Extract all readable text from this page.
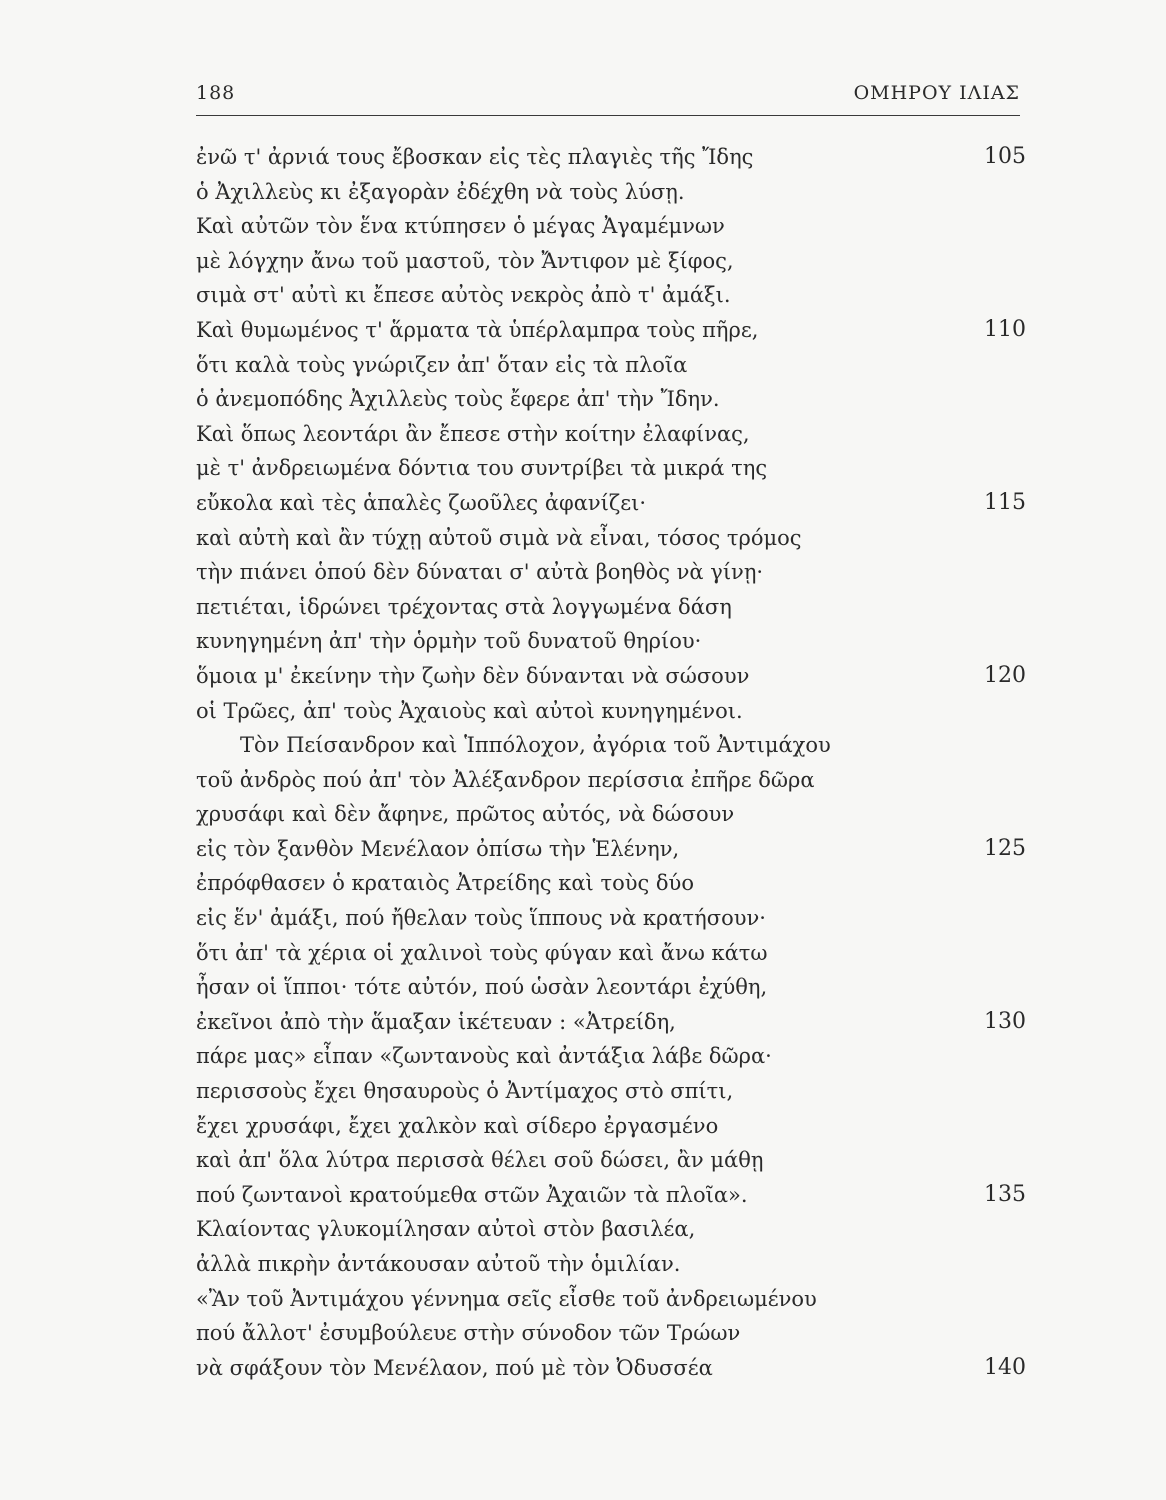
188	ΟΜΗΡΟΥ ΙΛΙΑΣ
ἐνῶ τ' ἀρνιά τους ἔβοσκαν εἰς τὲς πλαγιὲς τῆς Ἴδης	105
ὁ Ἀχιλλεὺς κι ἐξαγορὰν ἐδέχθη νὰ τοὺς λύσῃ.
Καὶ αὐτῶν τὸν ἕνα κτύπησεν ὁ μέγας Ἀγαμέμνων
μὲ λόγχην ἄνω τοῦ μαστοῦ, τὸν Ἄντιφον μὲ ξίφος,
σιμὰ στ' αὐτὶ κι ἔπεσε αὐτὸς νεκρὸς ἀπὸ τ' ἀμάξι.
Καὶ θυμωμένος τ' ἅρματα τὰ ὑπέρλαμπρα τοὺς πῆρε,	110
ὅτι καλὰ τοὺς γνώριζεν ἀπ' ὅταν εἰς τὰ πλοῖα
ὁ ἀνεμοπόδης Ἀχιλλεὺς τοὺς ἔφερε ἀπ' τὴν Ἴδην.
Καὶ ὅπως λεοντάρι ἂν ἔπεσε στὴν κοίτην ἐλαφίνας,
μὲ τ' ἀνδρειωμένα δόντια του συντρίβει τὰ μικρά της
εὔκολα καὶ τὲς ἁπαλὲς ζωοῦλες ἀφανίζει·	115
καὶ αὐτὴ καὶ ἂν τύχῃ αὐτοῦ σιμὰ νὰ εἶναι, τόσος τρόμος
τὴν πιάνει ὁπού δὲν δύναται σ' αὐτὰ βοηθὸς νὰ γίνῃ·
πετιέται, ἱδρώνει τρέχοντας στὰ λογγωμένα δάση
κυνηγημένη ἀπ' τὴν ὁρμὴν τοῦ δυνατοῦ θηρίου·
ὅμοια μ' ἐκείνην τὴν ζωὴν δὲν δύνανται νὰ σώσουν	120
οἱ Τρῶες, ἀπ' τοὺς Ἀχαιοὺς καὶ αὐτοὶ κυνηγημένοι.
Τὸν Πείσανδρον καὶ Ἱππόλοχον, ἀγόρια τοῦ Ἀντιμάχου
τοῦ ἀνδρὸς πού ἀπ' τὸν Ἀλέξανδρον περίσσια ἐπῆρε δῶρα
χρυσάφι καὶ δὲν ἄφηνε, πρῶτος αὐτός, νὰ δώσουν
εἰς τὸν ξανθὸν Μενέλαον ὀπίσω τὴν Ἑλένην,	125
ἐπρόφθασεν ὁ κραταιὸς Ἀτρείδης καὶ τοὺς δύο
εἰς ἕν' ἀμάξι, πού ἤθελαν τοὺς ἵππους νὰ κρατήσουν·
ὅτι ἀπ' τὰ χέρια οἱ χαλινοὶ τοὺς φύγαν καὶ ἄνω κάτω
ἦσαν οἱ ἵπποι· τότε αὐτόν, πού ὡσὰν λεοντάρι ἐχύθη,
ἐκεῖνοι ἀπὸ τὴν ἅμαξαν ἱκέτευαν : «Ἀτρείδη,	130
πάρε μας» εἶπαν «ζωντανοὺς καὶ ἀντάξια λάβε δῶρα·
περισσοὺς ἔχει θησαυροὺς ὁ Ἀντίμαχος στὸ σπίτι,
ἔχει χρυσάφι, ἔχει χαλκὸν καὶ σίδερο ἐργασμένο
καὶ ἀπ' ὅλα λύτρα περισσὰ θέλει σοῦ δώσει, ἂν μάθῃ
πού ζωντανοὶ κρατούμεθα στῶν Ἀχαιῶν τὰ πλοῖα».	135
Κλαίοντας γλυκομίλησαν αὐτοὶ στὸν βασιλέα,
ἀλλὰ πικρὴν ἀντάκουσαν αὐτοῦ τὴν ὁμιλίαν.
«Ἂν τοῦ Ἀντιμάχου γέννημα σεῖς εἶσθε τοῦ ἀνδρειωμένου
πού ἄλλοτ' ἐσυμβούλευε στὴν σύνοδον τῶν Τρώων
νὰ σφάξουν τὸν Μενέλαον, πού μὲ τὸν Ὀδυσσέα	140
